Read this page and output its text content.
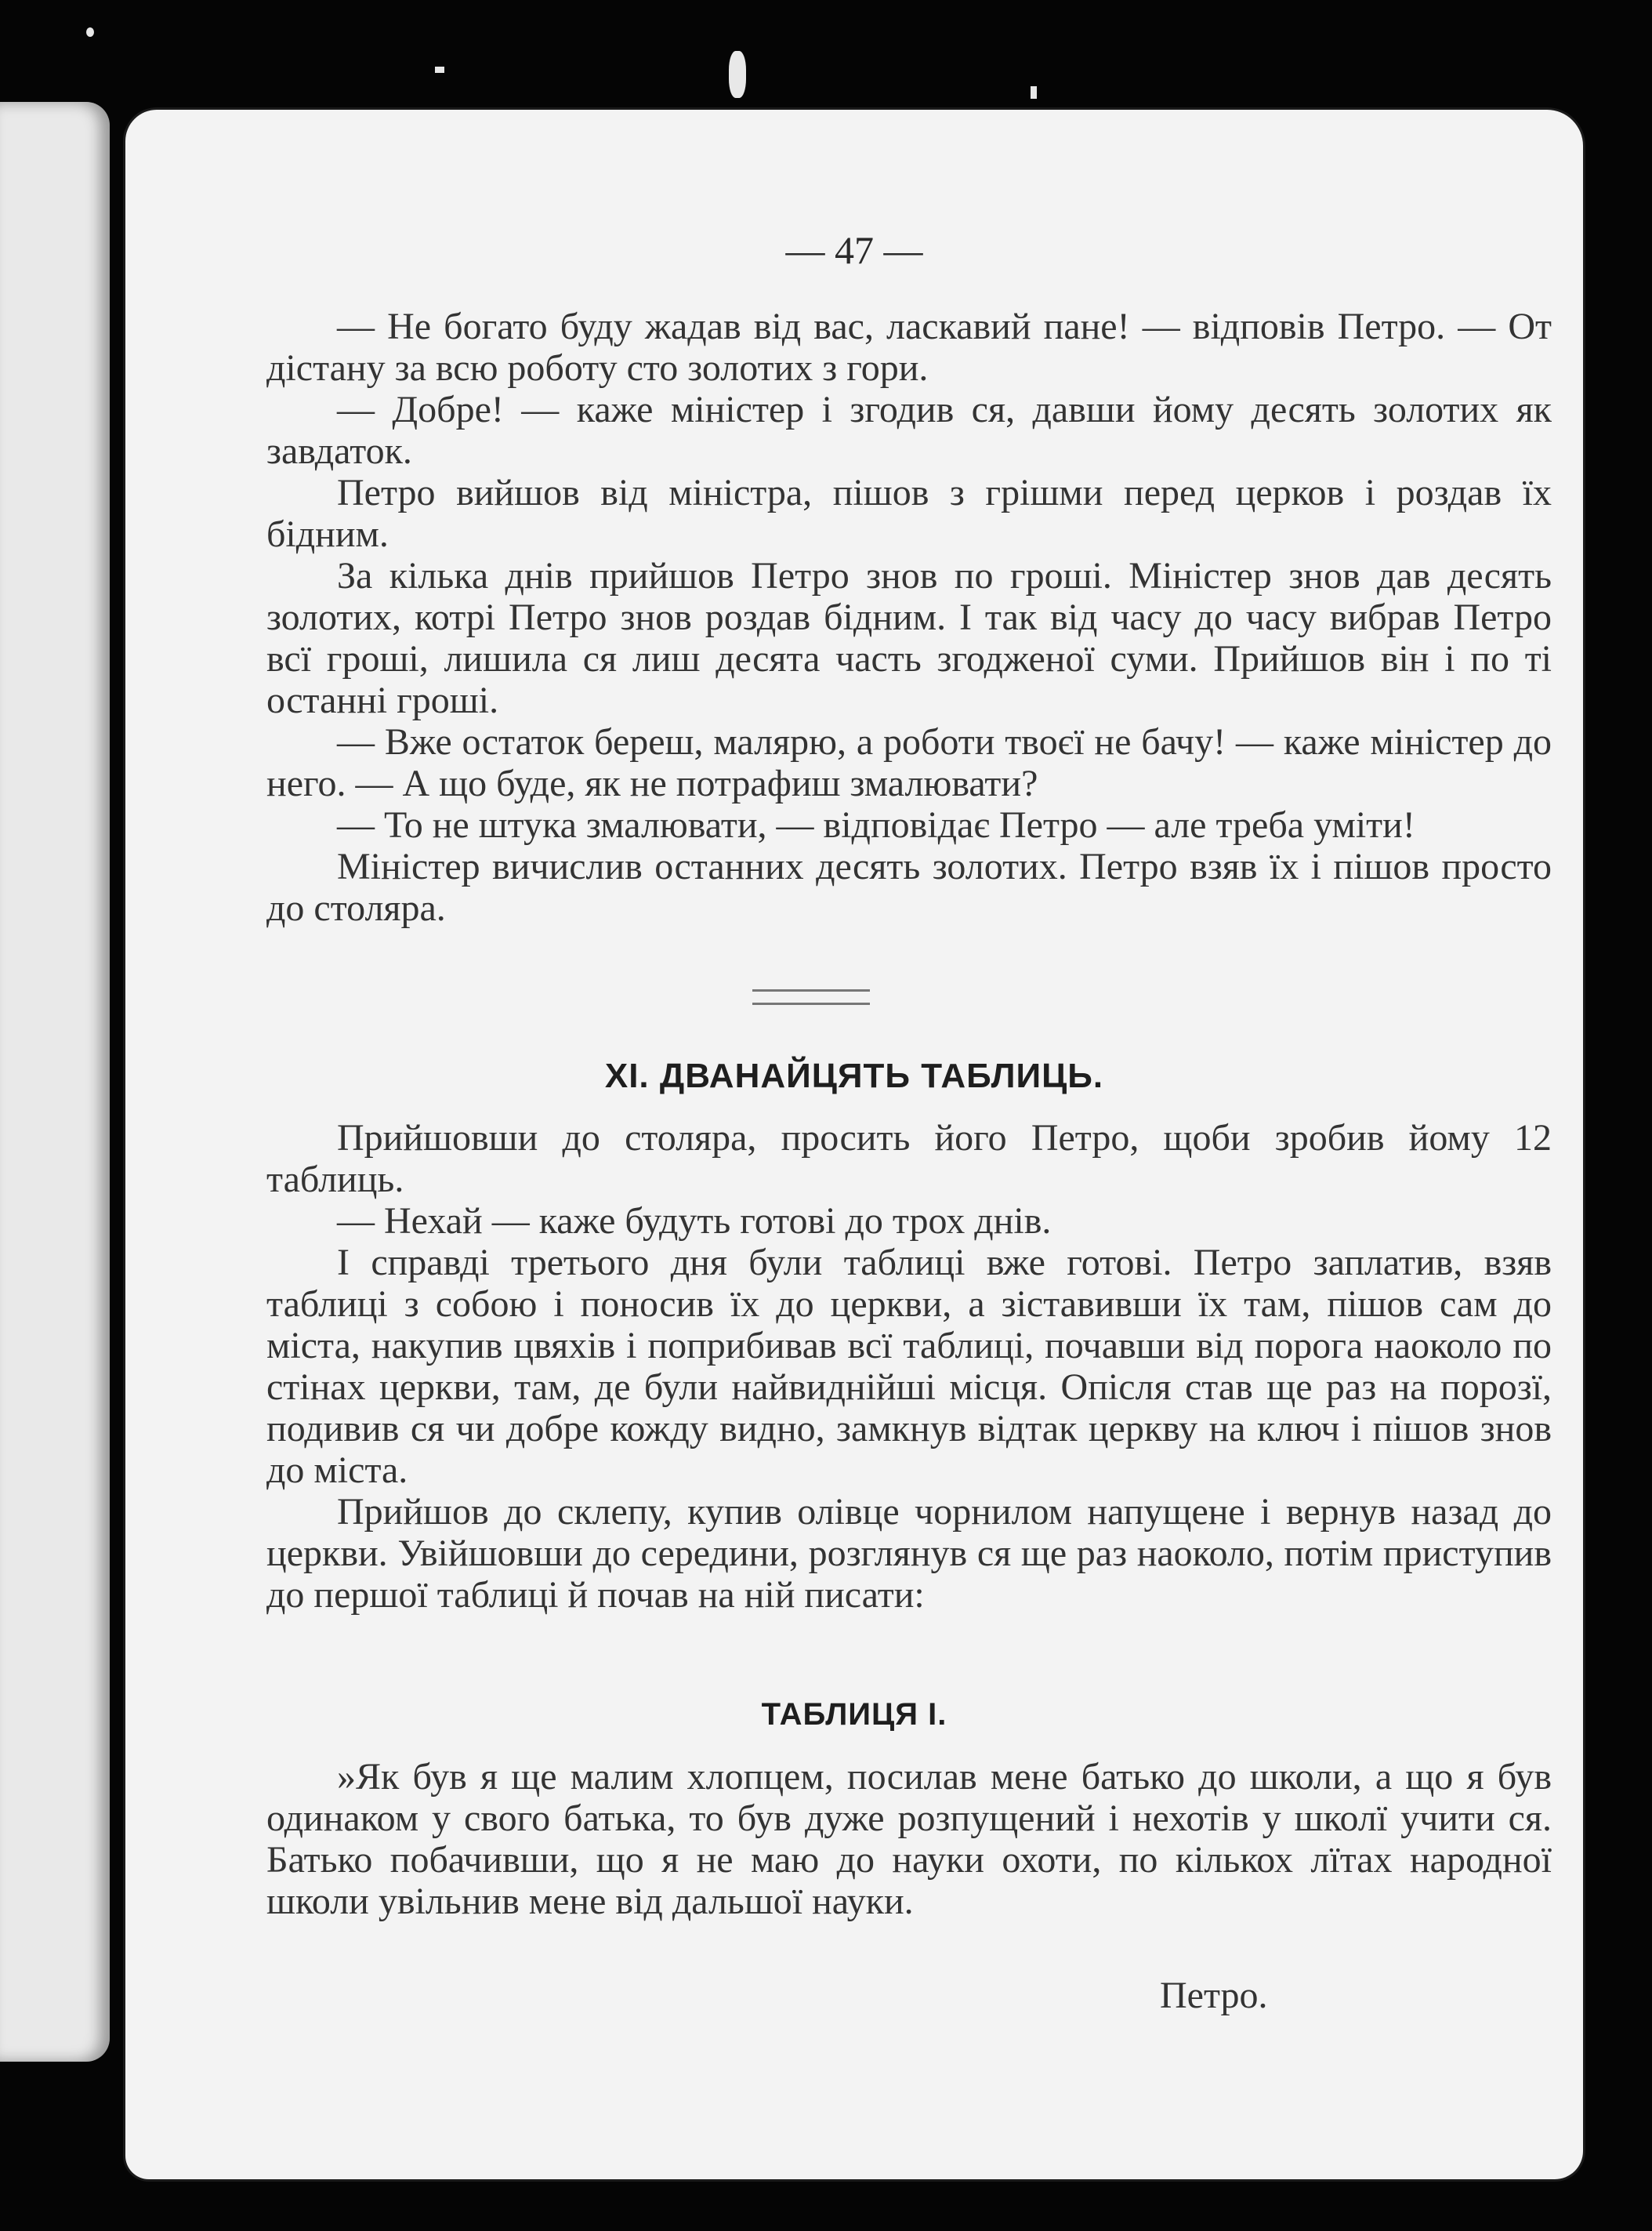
— 47 —

— Не богато буду жадав від вас, ласкавий пане! — відповів Петро. — От дістану за всю роботу сто золотих з гори.

— Добре! — каже міністер і згодив ся, давши йому десять золотих як завдаток.

Петро вийшов від міністра, пішов з грішми перед церков і роздав їх бідним.

За кілька днів прийшов Петро знов по гроші. Міністер знов дав десять золотих, котрі Петро знов роздав бідним. І так від часу до часу вибрав Петро всї гроші, лишила ся лиш десята часть згодженої суми. Прийшов він і по ті останні гроші.

— Вже остаток береш, малярю, а роботи твоєї не бачу! — каже міністер до него. — А що буде, як не потрафиш змалювати?

— То не штука змалювати, — відповідає Петро — але треба уміти!

Міністер вичислив останних десять золотих. Петро взяв їх і пішов просто до столяра.

XI. ДВАНАЙЦЯТЬ ТАБЛИЦЬ.

Прийшовши до столяра, просить його Петро, щоби зробив йому 12 таблиць.

— Нехай — каже будуть готові до трох днів.

І справді третього дня були таблиці вже готові. Петро заплатив, взяв таблиці з собою і поносив їх до церкви, а зіставивши їх там, пішов сам до міста, накупив цвяхів і поприбивав всї таблиці, почавши від порога наоколо по стінах церкви, там, де були найвиднійші місця. Опісля став ще раз на порозї, подивив ся чи добре кожду видно, замкнув відтак церкву на ключ і пішов знов до міста.

Прийшов до склепу, купив олівце чорнилом напущене і вернув назад до церкви. Увійшовши до середини, розглянув ся ще раз наоколо, потім приступив до першої таблиці й почав на ній писати:

ТАБЛИЦЯ I.

»Як був я ще малим хлопцем, посилав мене батько до школи, а що я був одинаком у свого батька, то був дуже розпущений і нехотів у школї учити ся. Батько побачивши, що я не маю до науки охоти, по кількох лїтах народної школи увільнив мене від дальшої науки.

Петро.
